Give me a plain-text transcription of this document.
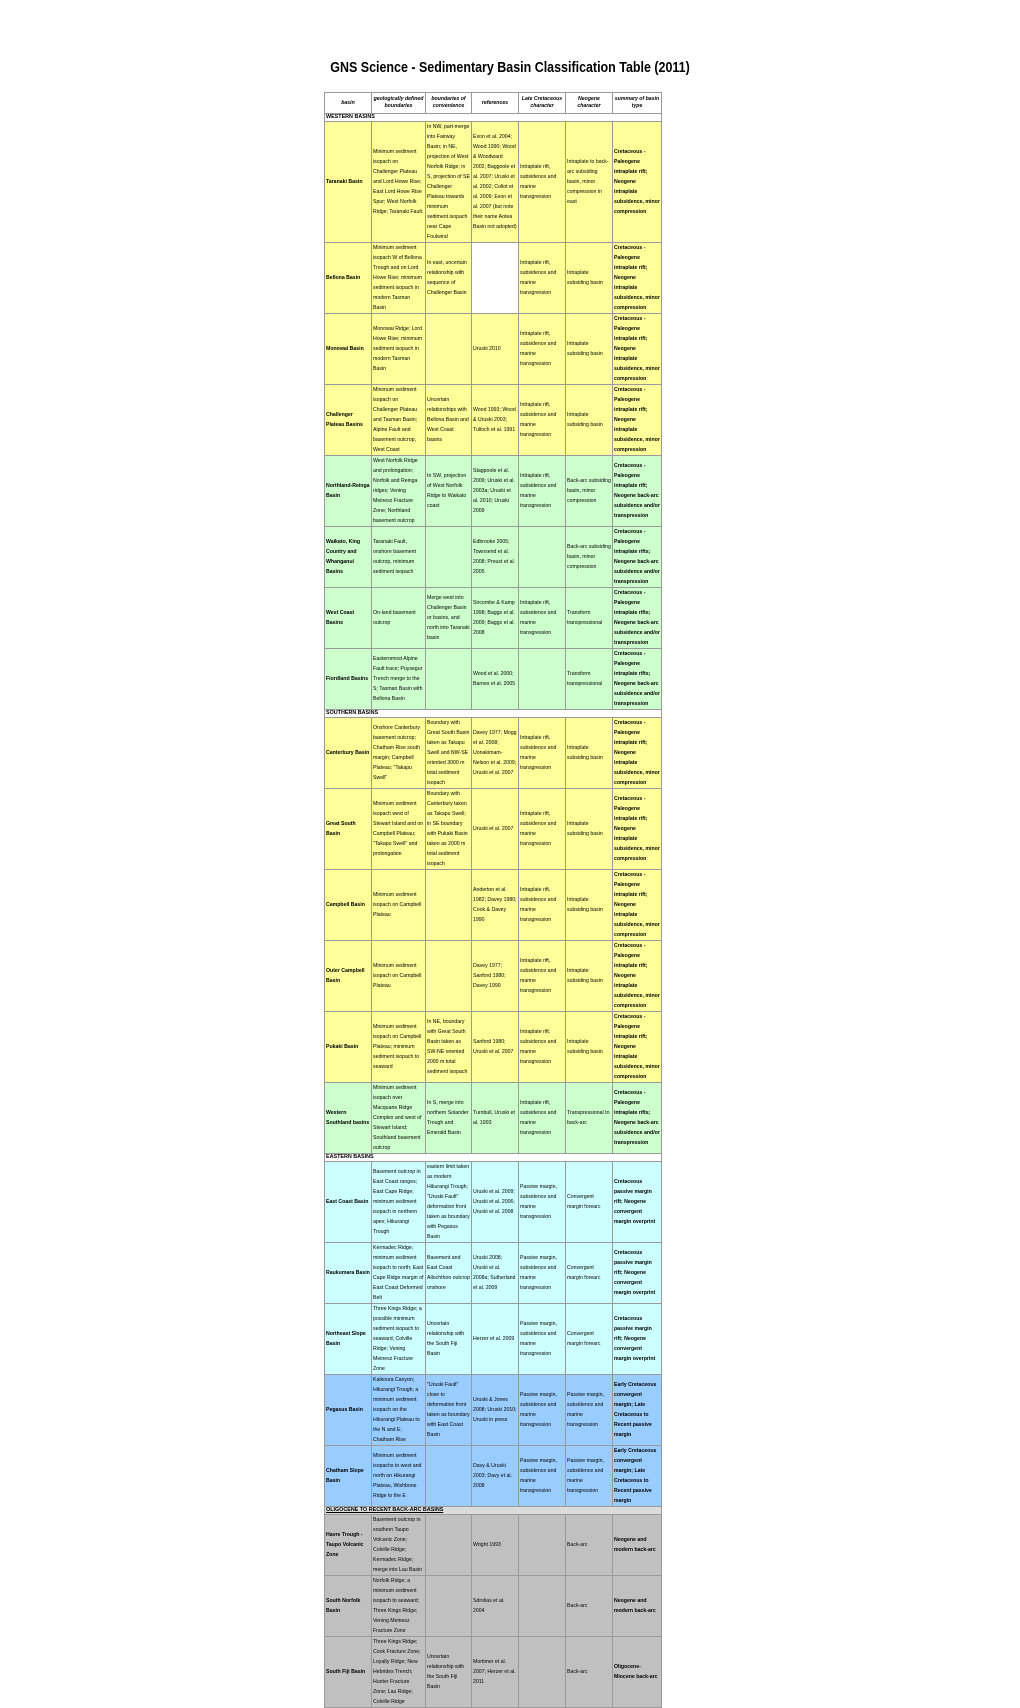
GNS Science - Sedimentary Basin Classification Table (2011)
basin	geologically defined boundaries	boundaries of convenience	references	Late Cretaceous character	Neogene character	summary of basin type
WESTERN BASINS						
Taranaki Basin	Minimum sediment isopach on Challenger Plateau and Lord Howe Rise; East Lord Howe Rise Spur; West Norfolk Ridge; Taranaki Fault.	In NW, part-merge into Fairway Basin; in NE, projection of West Norfolk Ridge; in S, projection of SE Challenger Plateau towards minimum sediment isopach near Cape Foulwind	Exon et al. 2004; Wood 1990; Wood & Woodward 2002; Baggoole et al. 2007; Uruski et al. 2002; Collot et al. 2009; Exon et al. 2007 (but note their name Aotea Basin not adopted)	Intraplate rift, subsidence and marine transgression	Intraplate to back-arc subsiding basin, minor compression in east	Cretaceous - Paleogene intraplate rift; Neogene intraplate subsidence, minor compression
Bellona Basin	Minimum sediment isopach W of Bellona Trough and on Lord Howe Rise; minimum sediment isopach in modern Tasman Basin	In east, uncertain relationship with sequence of Challenger Basin		Intraplate rift, subsidence and marine transgression	Intraplate subsiding basin	Cretaceous - Paleogene intraplate rift; Neogene intraplate subsidence, minor compression
Monowai Basin	Monowai Ridge; Lord Howe Rise; minimum sediment isopach in modern Tasman Basin		Uruski 2010	Intraplate rift, subsidence and marine transgression	Intraplate subsiding basin	Cretaceous - Paleogene intraplate rift; Neogene intraplate subsidence, minor compression
Challenger Plateau Basins	Minimum sediment isopach on Challenger Plateau and Tasman Basin; Alpine Fault and basement outcrop, West Coast	Uncertain relationships with Bellona Basin and West Coast basins	Wood 1993; Wood & Uruski 2003; Tulloch et al. 1991	Intraplate rift, subsidence and marine transgression	Intraplate subsiding basin	Cretaceous - Paleogene intraplate rift; Neogene intraplate subsidence, minor compression
Northland-Reinga Basin	West Norfolk Ridge and prolongation; Norfolk and Reinga ridges; Vening Meinesz Fracture Zone; Northland basement outcrop	In SW, projection of West Norfolk Ridge to Waikato coast	Stagpoole et al. 2009; Uruski et al. 2003a; Uruski et al. 2010; Uruski 2009	Intraplate rift, subsidence and marine transgression	Back-arc subsiding basin, minor compression	Cretaceous - Paleogene intraplate rift; Neogene back-arc subsidence and/or transpression
Waikato, King Country and Whanganui Basins	Taranaki Fault, onshore basement outcrop, minimum sediment isopach		Edbrooke 2005; Townsend et al. 2008; Proust et al. 2005		Back-arc subsiding basin, minor compression	Cretaceous - Paleogene intraplate rifts; Neogene back-arc subsidence and/or transpression
West Coast Basins	On-land basement outcrop	Merge west into Challenger Basin or basins, and north into Taranaki basin	Sircombe & Kamp 1998; Baggs et al. 2009; Baggs et al. 2008	Intraplate rift, subsidence and marine transgression	Transform transpressional	Cretaceous - Paleogene intraplate rifts; Neogene back-arc subsidence and/or transpression
Fiordland Basins	Easternmost Alpine Fault trace; Puysegur Trench merge to the S; Tasman Basin with Bellona Basin		Wood et al. 2000; Barnes et al. 2005		Transform transpressional	Cretaceous - Paleogene intraplate rifts; Neogene back-arc subsidence and/or transpression
SOUTHERN BASINS						
Canterbury Basin	Onshore Canterbury basement outcrop; Chatham Rise south margin; Campbell Plateau; "Takapu Swell"	Boundary with Great South Basin taken as Takapu Swell and NW-SE oriented 3000 m total sediment isopach	Davey 1977; Mogg et al. 2008; Uonakimam-Nelson et al. 2009; Uruski et al. 2007	Intraplate rift, subsidence and marine transgression	Intraplate subsiding basin	Cretaceous - Paleogene intraplate rift; Neogene intraplate subsidence, minor compression
Great South Basin	Minimum sediment isopach west of Stewart Island and on Campbell Plateau; "Takapu Swell" and prolongation	Boundary with Canterbury taken as Takapu Swell; in SE boundary with Pukaki Basin taken as 2000 m total sediment isopach	Uruski et al. 2007	Intraplate rift, subsidence and marine transgression	Intraplate subsiding basin	Cretaceous - Paleogene intraplate rift; Neogene intraplate subsidence, minor compression
Campbell Basin	Minimum sediment isopach on Campbell Plateau		Anderton et al. 1982; Davey 1980; Cook & Davey 1990	Intraplate rift, subsidence and marine transgression	Intraplate subsiding basin	Cretaceous - Paleogene intraplate rift; Neogene intraplate subsidence, minor compression
Outer Campbell Basin	Minimum sediment isopach on Campbell Plateau		Davey 1977; Sanford 1980; Davey 1990	Intraplate rift, subsidence and marine transgression	Intraplate subsiding basin	Cretaceous - Paleogene intraplate rift; Neogene intraplate subsidence, minor compression
Pukaki Basin	Minimum sediment isopach on Campbell Plateau; minimum sediment isopach to seaward	In NE, boundary with Great South Basin taken as SW-NE oriented 2000 m total sediment isopach	Sanford 1980; Uruski et al. 2007	Intraplate rift, subsidence and marine transgression	Intraplate subsiding basin	Cretaceous - Paleogene intraplate rift; Neogene intraplate subsidence, minor compression
Western Southland basins	Minimum sediment isopach over Macquarie Ridge Complex and west of Stewart Island; Southland basement outcrop	In S, merge into northern Solander Trough and Emerald Basin	Turnbull, Uruski et al. 1993	Intraplate rift, subsidence and marine transgression	Transpressional to back-arc	Cretaceous - Paleogene intraplate rifts; Neogene back-arc subsidence and/or transpression
EASTERN BASINS						
East Coast Basin	Basement outcrop in East Coast ranges; East Cape Ridge; minimum sediment isopach in northern apex; Hikurangi Trough	eastern limit taken as modern Hikurangi Trough; "Uruski Fault" deformation front taken as boundary with Pegasus Basin	Uruski et al. 2009; Uruski et al. 2006; Uruski et al. 2008	Passive margin, subsidence and marine transgression	Convergent margin forearc	Cretaceous passive margin rift; Neogene convergent margin overprint
Raukumara Basin	Kermadec Ridge; minimum sediment isopach to north; East Cape Ridge margin of East Coast Deformed Belt	Basement and East Coast Allochthon outcrop onshore	Uruski 2008; Uruski et al. 2008a; Sutherland et al. 2009	Passive margin, subsidence and marine transgression	Convergent margin forearc	Cretaceous passive margin rift; Neogene convergent margin overprint
Northeast Slope Basin	Three Kings Ridge; a possible minimum sediment isopach to seaward; Colville Ridge; Vening Meinesz Fracture Zone	Uncertain relationship with the South Fiji Basin	Herzer et al. 2009	Passive margin, subsidence and marine transgression	Convergent margin forearc	Cretaceous passive margin rift; Neogene convergent margin overprint
Pegasus Basin	Kaikoura Canyon; Hikurangi Trough; a minimum sediment isopach on the Hikurangi Plateau to the N and E; Chatham Rise	"Uruski Fault" close to deformation front taken as boundary with East Coast Basin	Uruski & Jones 2008; Uruski 2010; Uruski in press	Passive margin, subsidence and marine transgression	Passive margin, subsidence and marine transgression	Early Cretaceous convergent margin; Late Cretaceous to Recent passive margin
Chatham Slope Basin	Minimum sediment isopachs to west and north on Hikurangi Plateau, Wishbone Ridge to the E		Davy & Uruski 2003; Davy et al. 2008	Passive margin, subsidence and marine transgression	Passive margin, subsidence and marine transgression	Early Cretaceous convergent margin; Late Cretaceous to Recent passive margin
OLIGOCENE TO RECENT BACK-ARC BASINS						
Havre Trough - Taupo Volcanic Zone	Basement outcrop in southern Taupo Volcanic Zone; Colville Ridge; Kermadec Ridge; merge into Lau Basin		Wright 1993		Back-arc	Neogene and modern back-arc
South Norfolk Basin	Norfolk Ridge; a minimum sediment isopach to seaward; Three Kings Ridge; Vening Meinesz Fracture Zone		Sdrolias et al. 2004		Back-arc	Neogene and modern back-arc
South Fiji Basin	Three Kings Ridge; Cook Fracture Zone; Loyalty Ridge; New Hebrides Trench; Hunter Fracture Zone; Lau Ridge; Colville Ridge	Uncertain relationship with the South Fiji Basin	Mortimer et al. 2007; Herzer et al. 2011		Back-arc	Oligocene-Miocene back-arc
